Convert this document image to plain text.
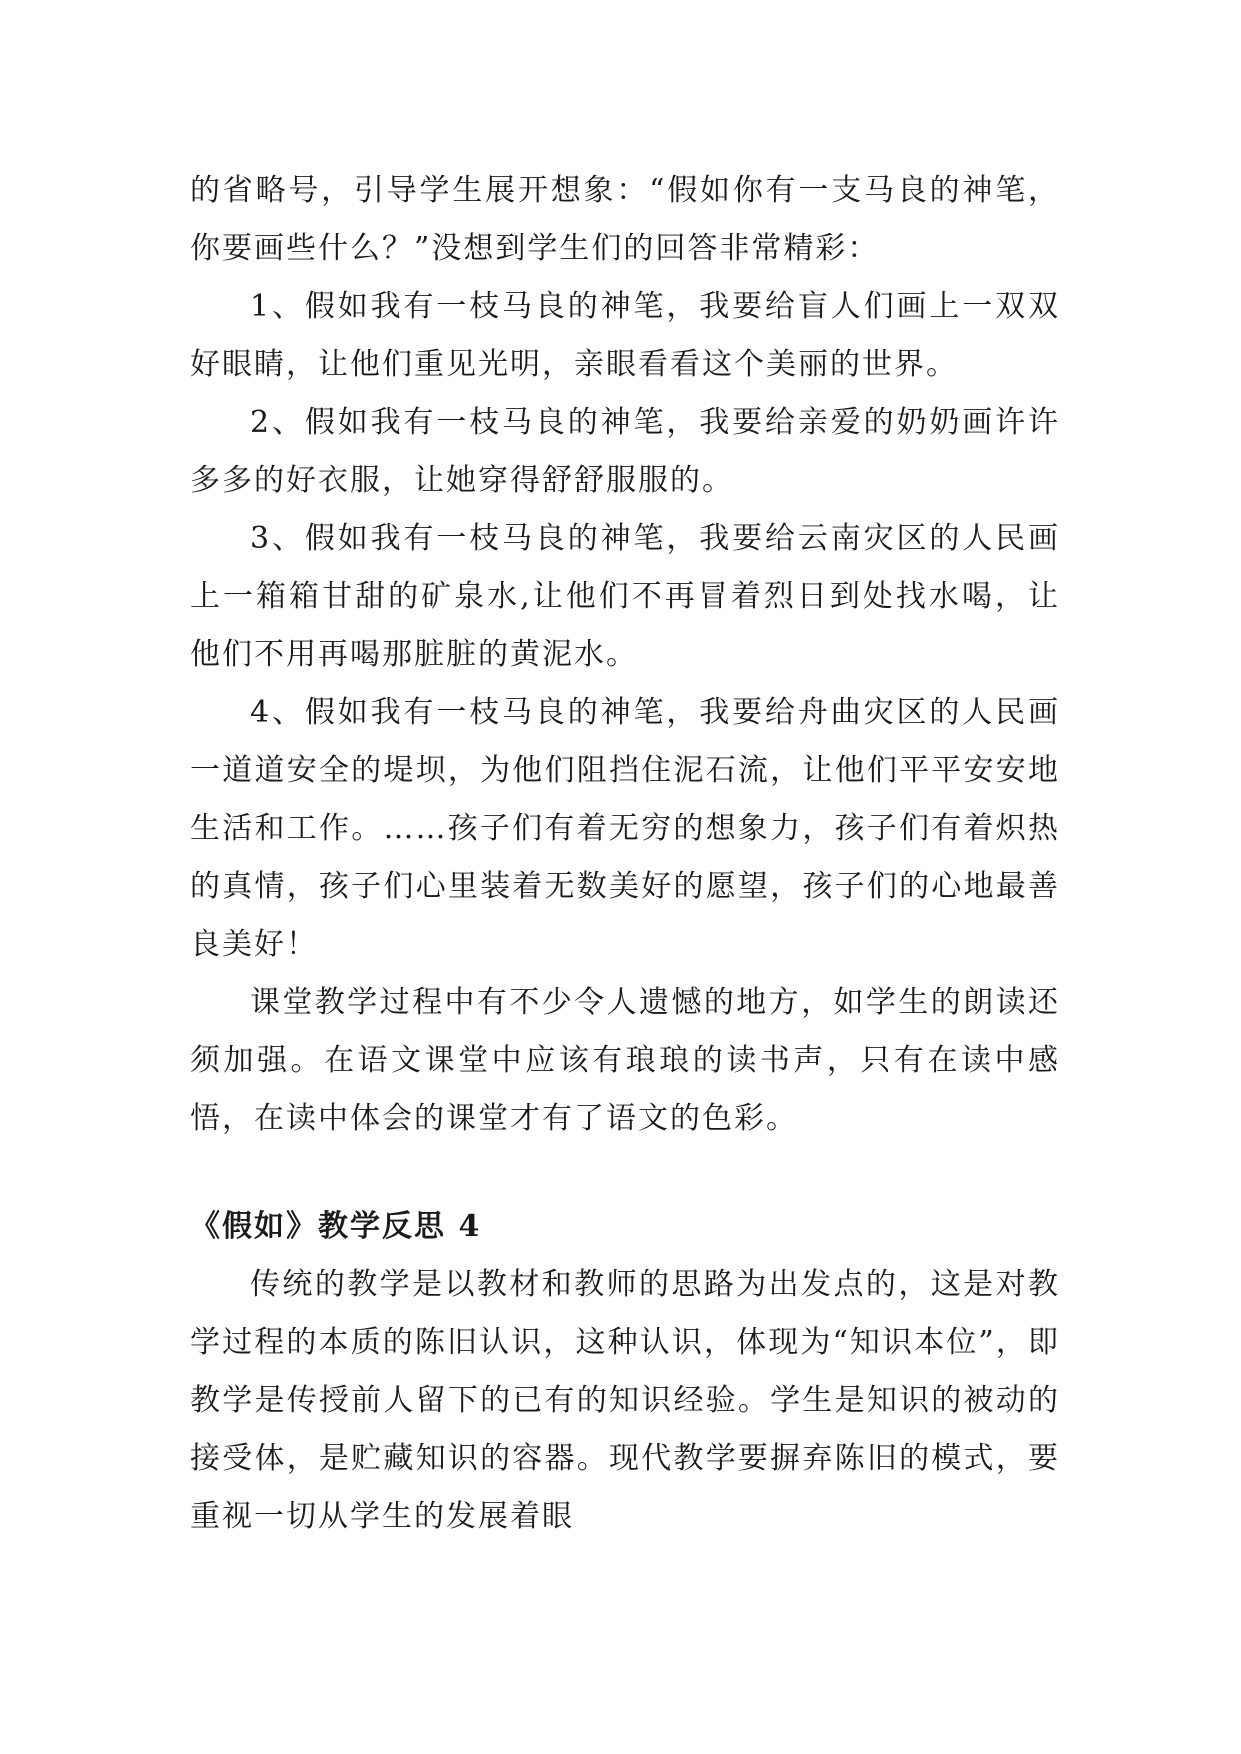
的省略号，引导学生展开想象：“假如你有一支马良的神笔，你要画些什么？”没想到学生们的回答非常精彩：

1、假如我有一枝马良的神笔，我要给盲人们画上一双双好眼睛，让他们重见光明，亲眼看看这个美丽的世界。

2、假如我有一枝马良的神笔，我要给亲爱的奶奶画许许多多的好衣服，让她穿得舒舒服服的。

3、假如我有一枝马良的神笔，我要给云南灾区的人民画上一箱箱甘甜的矿泉水,让他们不再冒着烈日到处找水喝，让他们不用再喝那脏脏的黄泥水。

4、假如我有一枝马良的神笔，我要给舟曲灾区的人民画一道道安全的堤坝，为他们阻挡住泥石流，让他们平平安安地生活和工作。……孩子们有着无穷的想象力，孩子们有着炽热的真情，孩子们心里装着无数美好的愿望，孩子们的心地最善良美好！

课堂教学过程中有不少令人遗憾的地方，如学生的朗读还须加强。在语文课堂中应该有琅琅的读书声，只有在读中感悟，在读中体会的课堂才有了语文的色彩。

《假如》教学反思 4

传统的教学是以教材和教师的思路为出发点的，这是对教学过程的本质的陈旧认识，这种认识，体现为“知识本位”，即教学是传授前人留下的已有的知识经验。学生是知识的被动的接受体，是贮藏知识的容器。现代教学要摒弃陈旧的模式，要重视一切从学生的发展着眼
